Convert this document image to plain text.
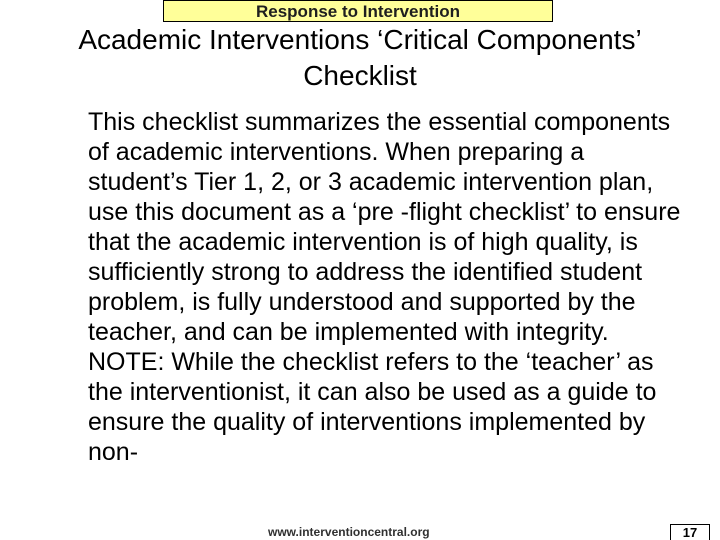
Response to Intervention
Academic Interventions ‘Critical Components’ Checklist
This checklist summarizes the essential components of academic interventions. When preparing a student’s Tier 1, 2, or 3 academic intervention plan, use this document as a ‘pre -flight checklist’ to ensure that the academic intervention is of high quality, is sufficiently strong to address the identified student problem, is fully understood and supported by the teacher, and can be implemented with integrity. NOTE: While the checklist refers to the ‘teacher’ as the interventionist, it can also be used as a guide to ensure the quality of interventions implemented by non-
www.interventioncentral.org	17
